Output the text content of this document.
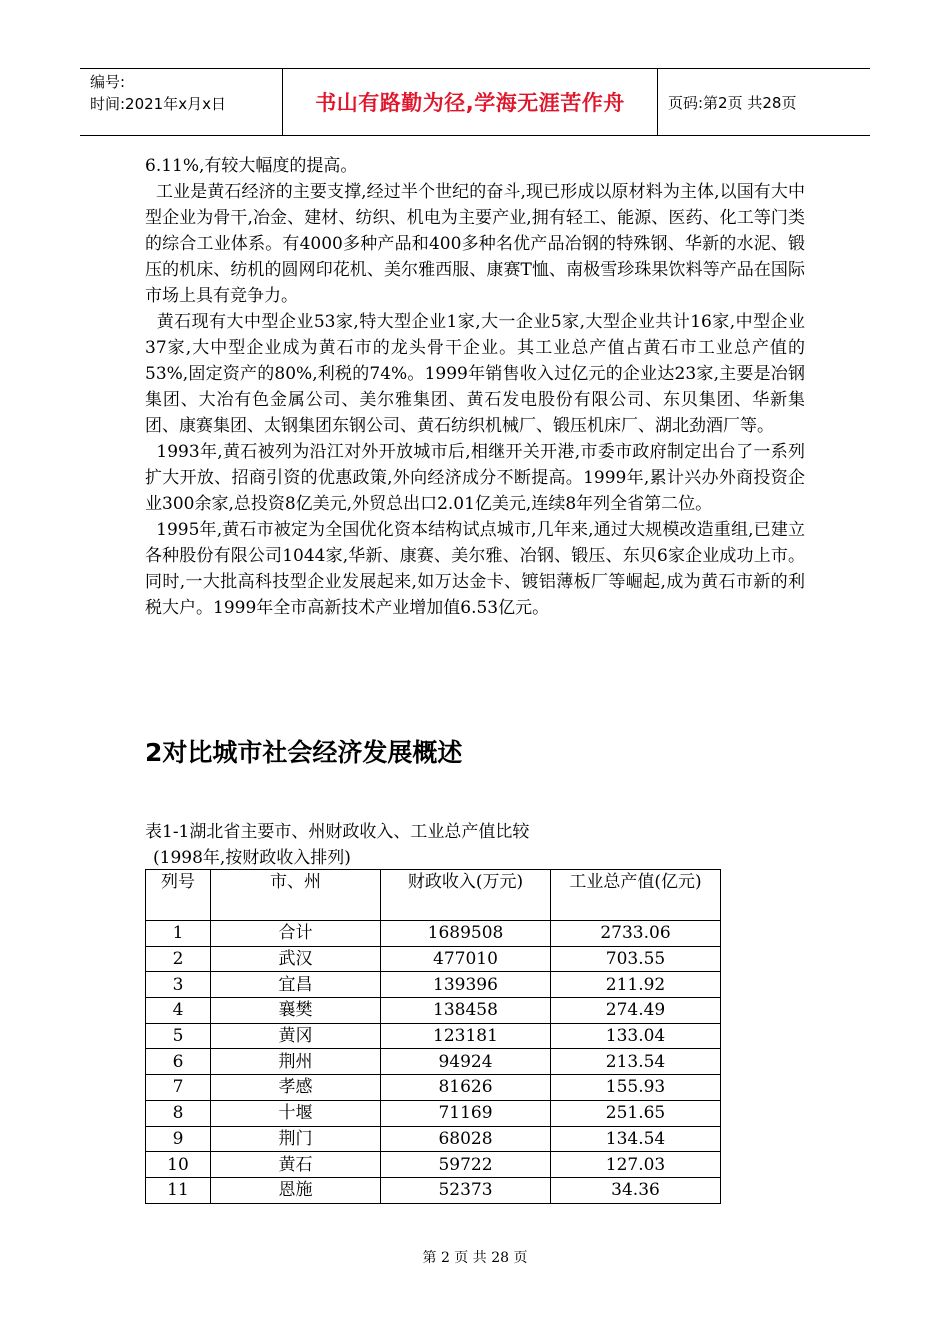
编号:
时间:2021年x月x日	书山有路勤为径,学海无涯苦作舟	页码:第2页 共28页

6.11%,有较大幅度的提高。

工业是黄石经济的主要支撑,经过半个世纪的奋斗,现已形成以原材料为主体,以国有大中型企业为骨干,冶金、建材、纺织、机电为主要产业,拥有轻工、能源、医药、化工等门类的综合工业体系。有4000多种产品和400多种名优产品冶钢的特殊钢、华新的水泥、锻压的机床、纺机的圆网印花机、美尔雅西服、康赛T恤、南极雪珍珠果饮料等产品在国际市场上具有竞争力。

黄石现有大中型企业53家,特大型企业1家,大一企业5家,大型企业共计16家,中型企业37家,大中型企业成为黄石市的龙头骨干企业。其工业总产值占黄石市工业总产值的53%,固定资产的80%,利税的74%。1999年销售收入过亿元的企业达23家,主要是冶钢集团、大冶有色金属公司、美尔雅集团、黄石发电股份有限公司、东贝集团、华新集团、康赛集团、太钢集团东钢公司、黄石纺织机械厂、锻压机床厂、湖北劲酒厂等。

1993年,黄石被列为沿江对外开放城市后,相继开关开港,市委市政府制定出台了一系列扩大开放、招商引资的优惠政策,外向经济成分不断提高。1999年,累计兴办外商投资企业300余家,总投资8亿美元,外贸总出口2.01亿美元,连续8年列全省第二位。

1995年,黄石市被定为全国优化资本结构试点城市,几年来,通过大规模改造重组,已建立各种股份有限公司1044家,华新、康赛、美尔雅、冶钢、锻压、东贝6家企业成功上市。同时,一大批高科技型企业发展起来,如万达金卡、镀铝薄板厂等崛起,成为黄石市新的利税大户。1999年全市高新技术产业增加值6.53亿元。

2对比城市社会经济发展概述
表1-1湖北省主要市、州财政收入、工业总产值比较
(1998年,按财政收入排列)
列号	市、州	财政收入(万元)	工业总产值(亿元)
1	合计	1689508	2733.06
2	武汉	477010	703.55
3	宜昌	139396	211.92
4	襄樊	138458	274.49
5	黄冈	123181	133.04
6	荆州	94924	213.54
7	孝感	81626	155.93
8	十堰	71169	251.65
9	荆门	68028	134.54
10	黄石	59722	127.03
11	恩施	52373	34.36
第 2 页 共 28 页
